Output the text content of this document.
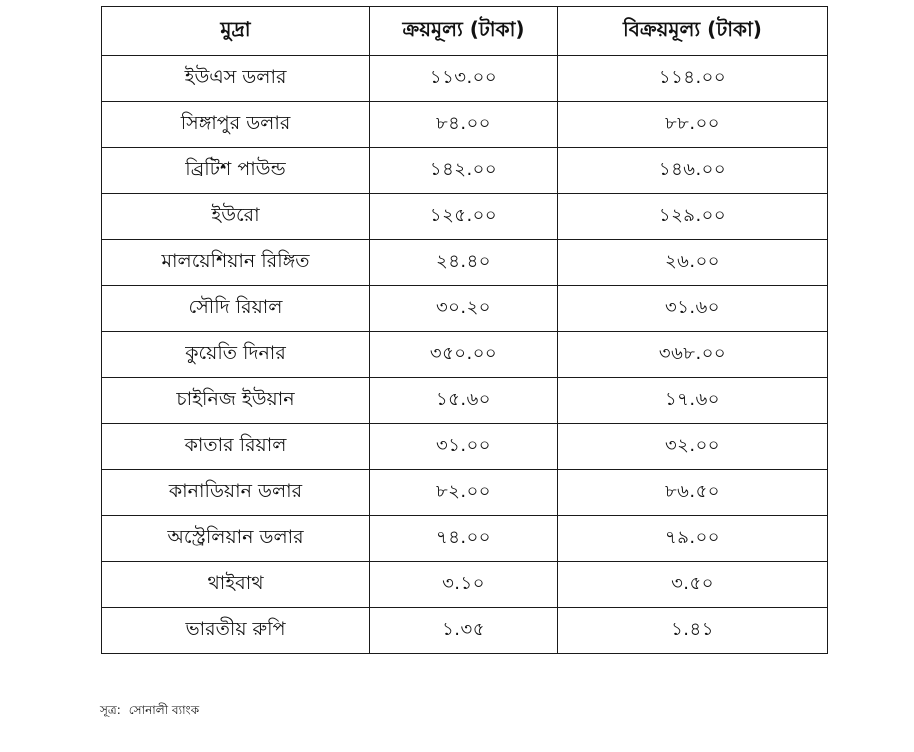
মুদ্রা	ক্রয়মূল্য (টাকা)	বিক্রয়মূল্য (টাকা)
ইউএস ডলার	১১৩.০০	১১৪.০০
সিঙ্গাপুর ডলার	৮৪.০০	৮৮.০০
ব্রিটিশ পাউন্ড	১৪২.০০	১৪৬.০০
ইউরো	১২৫.০০	১২৯.০০
মালয়েশিয়ান রিঙ্গিত	২৪.৪০	২৬.০০
সৌদি রিয়াল	৩০.২০	৩১.৬০
কুয়েতি দিনার	৩৫০.০০	৩৬৮.০০
চাইনিজ ইউয়ান	১৫.৬০	১৭.৬০
কাতার রিয়াল	৩১.০০	৩২.০০
কানাডিয়ান ডলার	৮২.০০	৮৬.৫০
অস্ট্রেলিয়ান ডলার	৭৪.০০	৭৯.০০
থাইবাথ	৩.১০	৩.৫০
ভারতীয় রুপি	১.৩৫	১.৪১
সূত্র: সোনালী ব্যাংক
